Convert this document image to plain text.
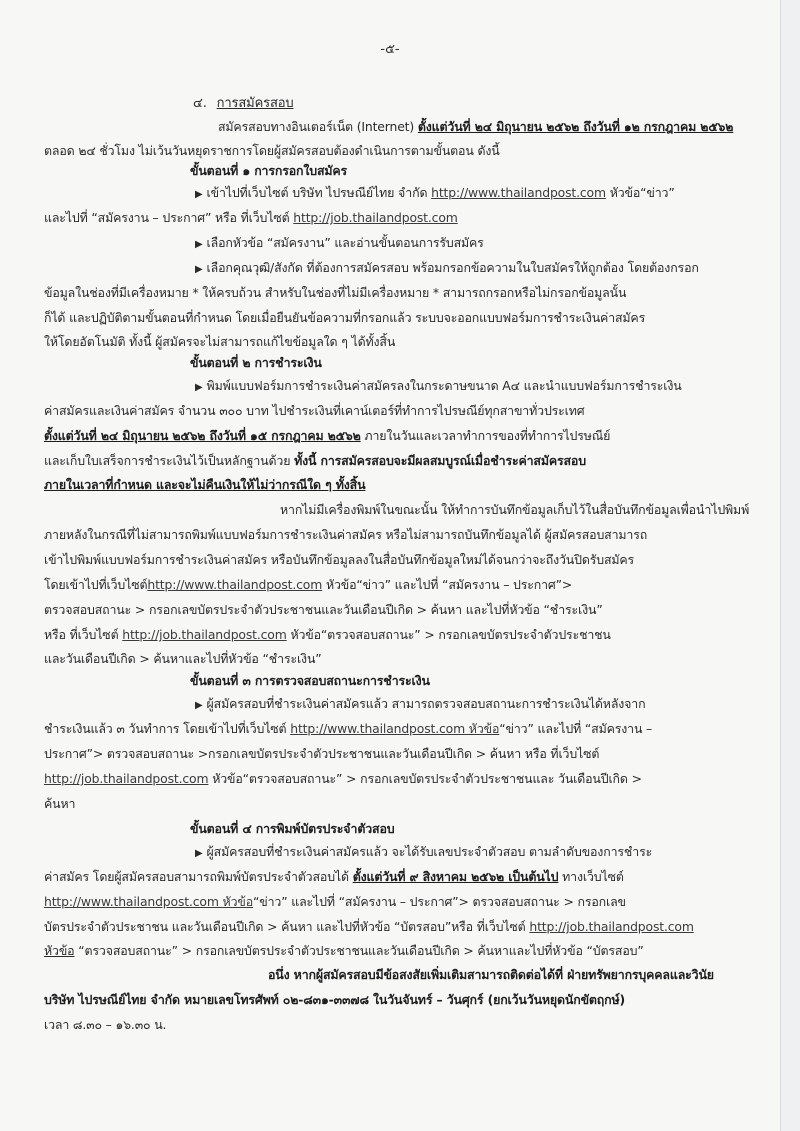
-๕-
๔. การสมัครสอบ
สมัครสอบทางอินเตอร์เน็ต (Internet) ตั้งแต่วันที่ ๒๔ มิถุนายน ๒๕๖๒ ถึงวันที่ ๑๒ กรกฎาคม ๒๕๖๒
ตลอด ๒๔ ชั่วโมง ไม่เว้นวันหยุดราชการโดยผู้สมัครสอบต้องดำเนินการตามขั้นตอน ดังนี้
ขั้นตอนที่ ๑ การกรอกใบสมัคร
▶ เข้าไปที่เว็บไซต์ บริษัท ไปรษณีย์ไทย จำกัด http://www.thailandpost.com หัวข้อ“ข่าว”
และไปที่ “สมัครงาน – ประกาศ” หรือ ที่เว็บไซต์ http://job.thailandpost.com
▶ เลือกหัวข้อ “สมัครงาน” และอ่านขั้นตอนการรับสมัคร
▶ เลือกคุณวุฒิ/สังกัด ที่ต้องการสมัครสอบ พร้อมกรอกข้อความในใบสมัครให้ถูกต้อง โดยต้องกรอก
ข้อมูลในช่องที่มีเครื่องหมาย * ให้ครบถ้วน สำหรับในช่องที่ไม่มีเครื่องหมาย * สามารถกรอกหรือไม่กรอกข้อมูลนั้น
ก็ได้ และปฏิบัติตามขั้นตอนที่กำหนด โดยเมื่อยืนยันข้อความที่กรอกแล้ว ระบบจะออกแบบฟอร์มการชำระเงินค่าสมัคร
ให้โดยอัตโนมัติ ทั้งนี้ ผู้สมัครจะไม่สามารถแก้ไขข้อมูลใด ๆ ได้ทั้งสิ้น
ขั้นตอนที่ ๒ การชำระเงิน
▶ พิมพ์แบบฟอร์มการชำระเงินค่าสมัครลงในกระดาษขนาด A๔ และนำแบบฟอร์มการชำระเงิน
ค่าสมัครและเงินค่าสมัคร จำนวน ๓๐๐ บาท ไปชำระเงินที่เคาน์เตอร์ที่ทำการไปรษณีย์ทุกสาขาทั่วประเทศ
ตั้งแต่วันที่ ๒๔ มิถุนายน ๒๕๖๒ ถึงวันที่ ๑๕ กรกฎาคม ๒๕๖๒ ภายในวันและเวลาทำการของที่ทำการไปรษณีย์
และเก็บใบเสร็จการชำระเงินไว้เป็นหลักฐานด้วย ทั้งนี้ การสมัครสอบจะมีผลสมบูรณ์เมื่อชำระค่าสมัครสอบ
ภายในเวลาที่กำหนด และจะไม่คืนเงินให้ไม่ว่ากรณีใด ๆ ทั้งสิ้น
หากไม่มีเครื่องพิมพ์ในขณะนั้น ให้ทำการบันทึกข้อมูลเก็บไว้ในสื่อบันทึกข้อมูลเพื่อนำไปพิมพ์
ภายหลังในกรณีที่ไม่สามารถพิมพ์แบบฟอร์มการชำระเงินค่าสมัคร หรือไม่สามารถบันทึกข้อมูลได้ ผู้สมัครสอบสามารถ
เข้าไปพิมพ์แบบฟอร์มการชำระเงินค่าสมัคร หรือบันทึกข้อมูลลงในสื่อบันทึกข้อมูลใหม่ได้จนกว่าจะถึงวันปิดรับสมัคร
โดยเข้าไปที่เว็บไซต์http://www.thailandpost.com หัวข้อ“ข่าว” และไปที่ “สมัครงาน – ประกาศ”>
ตรวจสอบสถานะ > กรอกเลขบัตรประจำตัวประชาชนและวันเดือนปีเกิด > ค้นหา และไปที่หัวข้อ “ชำระเงิน”
หรือ ที่เว็บไซต์ http://job.thailandpost.com หัวข้อ“ตรวจสอบสถานะ” > กรอกเลขบัตรประจำตัวประชาชน
และวันเดือนปีเกิด > ค้นหาและไปที่หัวข้อ “ชำระเงิน”
ขั้นตอนที่ ๓ การตรวจสอบสถานะการชำระเงิน
▶ ผู้สมัครสอบที่ชำระเงินค่าสมัครแล้ว สามารถตรวจสอบสถานะการชำระเงินได้หลังจาก
ชำระเงินแล้ว ๓ วันทำการ โดยเข้าไปที่เว็บไซต์ http://www.thailandpost.com หัวข้อ“ข่าว” และไปที่ “สมัครงาน –
ประกาศ”> ตรวจสอบสถานะ >กรอกเลขบัตรประจำตัวประชาชนและวันเดือนปีเกิด > ค้นหา หรือ ที่เว็บไซต์
http://job.thailandpost.com หัวข้อ“ตรวจสอบสถานะ” > กรอกเลขบัตรประจำตัวประชาชนและ วันเดือนปีเกิด >
ค้นหา
ขั้นตอนที่ ๔ การพิมพ์บัตรประจำตัวสอบ
▶ ผู้สมัครสอบที่ชำระเงินค่าสมัครแล้ว จะได้รับเลขประจำตัวสอบ ตามลำดับของการชำระ
ค่าสมัคร โดยผู้สมัครสอบสามารถพิมพ์บัตรประจำตัวสอบได้ ตั้งแต่วันที่ ๙ สิงหาคม ๒๕๖๒ เป็นต้นไป ทางเว็บไซต์
http://www.thailandpost.com หัวข้อ“ข่าว” และไปที่ “สมัครงาน – ประกาศ”> ตรวจสอบสถานะ > กรอกเลข
บัตรประจำตัวประชาชน และวันเดือนปีเกิด > ค้นหา และไปที่หัวข้อ “บัตรสอบ”หรือ ที่เว็บไซต์ http://job.thailandpost.com
หัวข้อ “ตรวจสอบสถานะ” > กรอกเลขบัตรประจำตัวประชาชนและวันเดือนปีเกิด > ค้นหาและไปที่หัวข้อ “บัตรสอบ”
อนึ่ง หากผู้สมัครสอบมีข้อสงสัยเพิ่มเติมสามารถติดต่อได้ที่ ฝ่ายทรัพยากรบุคคลและวินัย
บริษัท ไปรษณีย์ไทย จำกัด หมายเลขโทรศัพท์ ๐๒-๘๓๑-๓๓๗๘ ในวันจันทร์ – วันศุกร์ (ยกเว้นวันหยุดนักขัตฤกษ์)
เวลา ๘.๓๐ – ๑๖.๓๐ น.
